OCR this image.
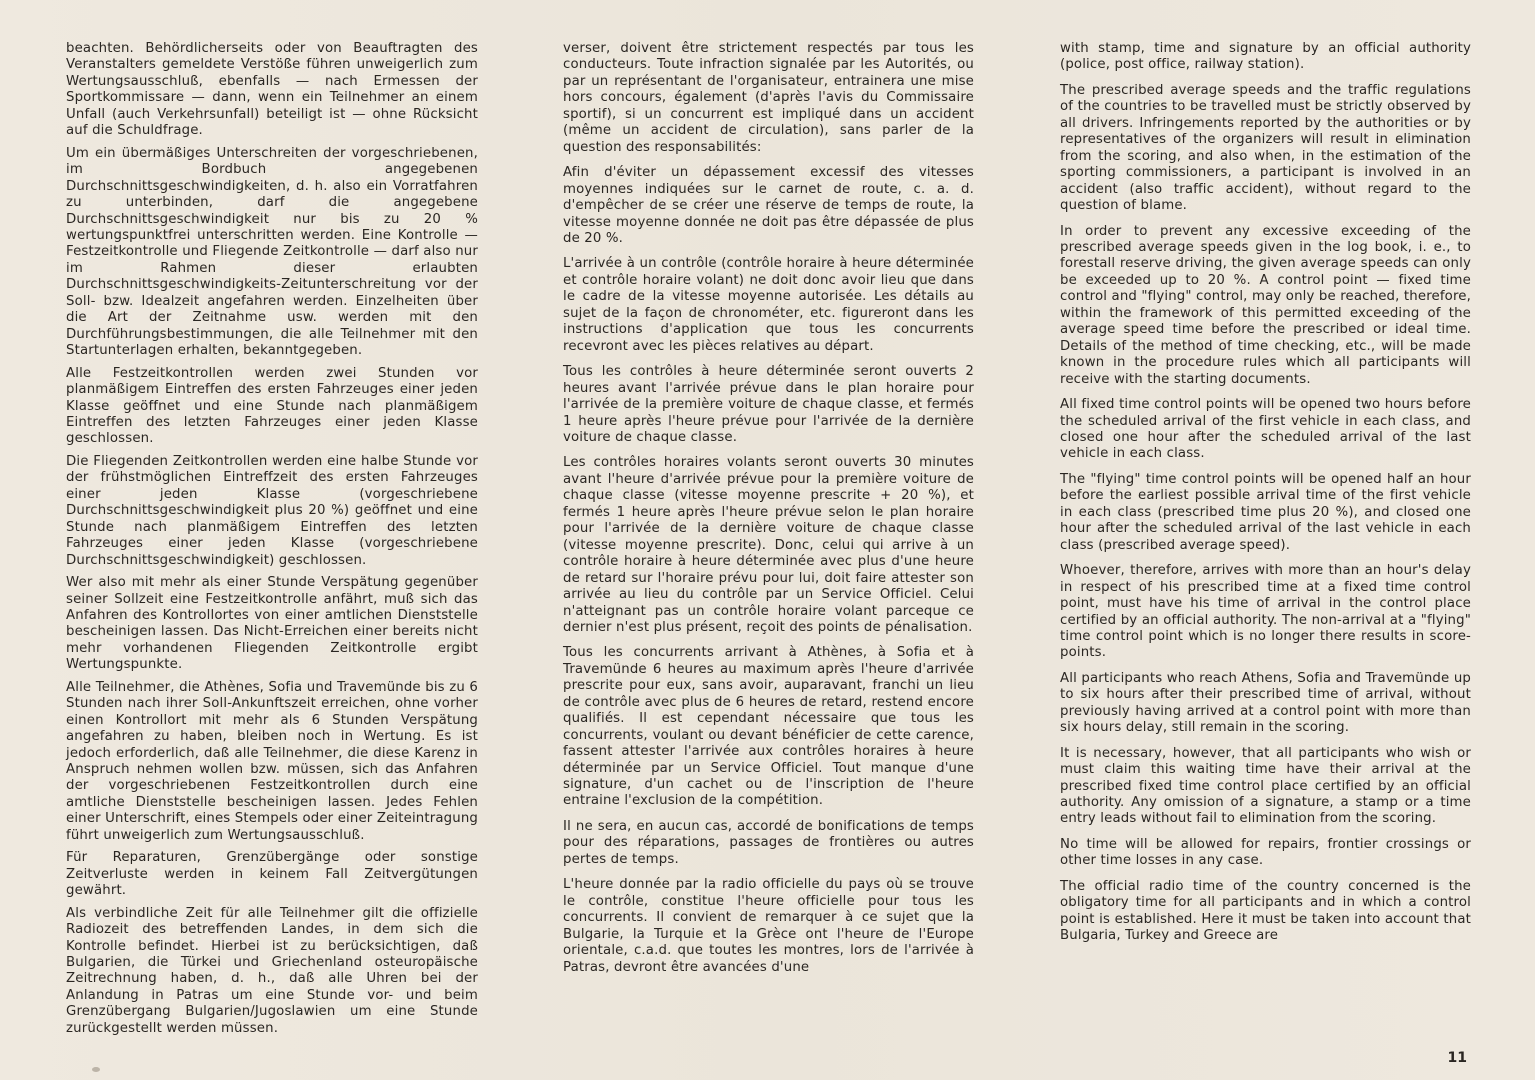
beachten. Behördlicherseits oder von Beauftragten des Veranstalters gemeldete Verstöße führen unweigerlich zum Wertungsausschluß, ebenfalls — nach Ermessen der Sportkommissare — dann, wenn ein Teilnehmer an einem Unfall (auch Verkehrsunfall) beteiligt ist — ohne Rücksicht auf die Schuldfrage.

Um ein übermäßiges Unterschreiten der vorgeschriebenen, im Bordbuch angegebenen Durchschnittsgeschwindigkeiten, d. h. also ein Vorratfahren zu unterbinden, darf die angegebene Durchschnittsgeschwindigkeit nur bis zu 20 % wertungspunktfrei unterschritten werden. Eine Kontrolle — Festzeitkontrolle und Fliegende Zeitkontrolle — darf also nur im Rahmen dieser erlaubten Durchschnittsgeschwindigkeits-Zeitunterschreitung vor der Soll- bzw. Idealzeit angefahren werden. Einzelheiten über die Art der Zeitnahme usw. werden mit den Durchführungsbestimmungen, die alle Teilnehmer mit den Startunterlagen erhalten, bekanntgegeben.

Alle Festzeitkontrollen werden zwei Stunden vor planmäßigem Eintreffen des ersten Fahrzeuges einer jeden Klasse geöffnet und eine Stunde nach planmäßigem Eintreffen des letzten Fahrzeuges einer jeden Klasse geschlossen.

Die Fliegenden Zeitkontrollen werden eine halbe Stunde vor der frühstmöglichen Eintreffzeit des ersten Fahrzeuges einer jeden Klasse (vorgeschriebene Durchschnittsgeschwindigkeit plus 20 %) geöffnet und eine Stunde nach planmäßigem Eintreffen des letzten Fahrzeuges einer jeden Klasse (vorgeschriebene Durchschnittsgeschwindigkeit) geschlossen.

Wer also mit mehr als einer Stunde Verspätung gegenüber seiner Sollzeit eine Festzeitkontrolle anfährt, muß sich das Anfahren des Kontrollortes von einer amtlichen Dienststelle bescheinigen lassen. Das Nicht-Erreichen einer bereits nicht mehr vorhandenen Fliegenden Zeitkontrolle ergibt Wertungspunkte.

Alle Teilnehmer, die Athènes, Sofia und Travemünde bis zu 6 Stunden nach ihrer Soll-Ankunftszeit erreichen, ohne vorher einen Kontrollort mit mehr als 6 Stunden Verspätung angefahren zu haben, bleiben noch in Wertung. Es ist jedoch erforderlich, daß alle Teilnehmer, die diese Karenz in Anspruch nehmen wollen bzw. müssen, sich das Anfahren der vorgeschriebenen Festzeitkontrollen durch eine amtliche Dienststelle bescheinigen lassen. Jedes Fehlen einer Unterschrift, eines Stempels oder einer Zeiteintragung führt unweigerlich zum Wertungsausschluß.

Für Reparaturen, Grenzübergänge oder sonstige Zeitverluste werden in keinem Fall Zeitvergütungen gewährt.

Als verbindliche Zeit für alle Teilnehmer gilt die offizielle Radiozeit des betreffenden Landes, in dem sich die Kontrolle befindet. Hierbei ist zu berücksichtigen, daß Bulgarien, die Türkei und Griechenland osteuropäische Zeitrechnung haben, d. h., daß alle Uhren bei der Anlandung in Patras um eine Stunde vor- und beim Grenzübergang Bulgarien/Jugoslawien um eine Stunde zurückgestellt werden müssen.

verser, doivent être strictement respectés par tous les conducteurs. Toute infraction signalée par les Autorités, ou par un représentant de l'organisateur, entrainera une mise hors concours, également (d'après l'avis du Commissaire sportif), si un concurrent est impliqué dans un accident (même un accident de circulation), sans parler de la question des responsabilités:

Afin d'éviter un dépassement excessif des vitesses moyennes indiquées sur le carnet de route, c. a. d. d'empêcher de se créer une réserve de temps de route, la vitesse moyenne donnée ne doit pas être dépassée de plus de 20 %.

L'arrivée à un contrôle (contrôle horaire à heure déterminée et contrôle horaire volant) ne doit donc avoir lieu que dans le cadre de la vitesse moyenne autorisée. Les détails au sujet de la façon de chronométer, etc. figureront dans les instructions d'application que tous les concurrents recevront avec les pièces relatives au départ.

Tous les contrôles à heure déterminée seront ouverts 2 heures avant l'arrivée prévue dans le plan horaire pour l'arrivée de la première voiture de chaque classe, et fermés 1 heure après l'heure prévue pour l'arrivée de la dernière voiture de chaque classe.

Les contrôles horaires volants seront ouverts 30 minutes avant l'heure d'arrivée prévue pour la première voiture de chaque classe (vitesse moyenne prescrite + 20 %), et fermés 1 heure après l'heure prévue selon le plan horaire pour l'arrivée de la dernière voiture de chaque classe (vitesse moyenne prescrite). Donc, celui qui arrive à un contrôle horaire à heure déterminée avec plus d'une heure de retard sur l'horaire prévu pour lui, doit faire attester son arrivée au lieu du contrôle par un Service Officiel. Celui n'atteignant pas un contrôle horaire volant parceque ce dernier n'est plus présent, reçoit des points de pénalisation.

Tous les concurrents arrivant à Athènes, à Sofia et à Travemünde 6 heures au maximum après l'heure d'arrivée prescrite pour eux, sans avoir, auparavant, franchi un lieu de contrôle avec plus de 6 heures de retard, restend encore qualifiés. Il est cependant nécessaire que tous les concurrents, voulant ou devant bénéficier de cette carence, fassent attester l'arrivée aux contrôles horaires à heure déterminée par un Service Officiel. Tout manque d'une signature, d'un cachet ou de l'inscription de l'heure entraine l'exclusion de la compétition.

Il ne sera, en aucun cas, accordé de bonifications de temps pour des réparations, passages de frontières ou autres pertes de temps.

L'heure donnée par la radio officielle du pays où se trouve le contrôle, constitue l'heure officielle pour tous les concurrents. Il convient de remarquer à ce sujet que la Bulgarie, la Turquie et la Grèce ont l'heure de l'Europe orientale, c.a.d. que toutes les montres, lors de l'arrivée à Patras, devront être avancées d'une

with stamp, time and signature by an official authority (police, post office, railway station).

The prescribed average speeds and the traffic regulations of the countries to be travelled must be strictly observed by all drivers. Infringements reported by the authorities or by representatives of the organizers will result in elimination from the scoring, and also when, in the estimation of the sporting commissioners, a participant is involved in an accident (also traffic accident), without regard to the question of blame.

In order to prevent any excessive exceeding of the prescribed average speeds given in the log book, i. e., to forestall reserve driving, the given average speeds can only be exceeded up to 20 %. A control point — fixed time control and "flying" control, may only be reached, therefore, within the framework of this permitted exceeding of the average speed time before the prescribed or ideal time. Details of the method of time checking, etc., will be made known in the procedure rules which all participants will receive with the starting documents.

All fixed time control points will be opened two hours before the scheduled arrival of the first vehicle in each class, and closed one hour after the scheduled arrival of the last vehicle in each class.

The "flying" time control points will be opened half an hour before the earliest possible arrival time of the first vehicle in each class (prescribed time plus 20 %), and closed one hour after the scheduled arrival of the last vehicle in each class (prescribed average speed).

Whoever, therefore, arrives with more than an hour's delay in respect of his prescribed time at a fixed time control point, must have his time of arrival in the control place certified by an official authority. The non-arrival at a "flying" time control point which is no longer there results in score-points.

All participants who reach Athens, Sofia and Travemünde up to six hours after their prescribed time of arrival, without previously having arrived at a control point with more than six hours delay, still remain in the scoring.

It is necessary, however, that all participants who wish or must claim this waiting time have their arrival at the prescribed fixed time control place certified by an official authority. Any omission of a signature, a stamp or a time entry leads without fail to elimination from the scoring.

No time will be allowed for repairs, frontier crossings or other time losses in any case.

The official radio time of the country concerned is the obligatory time for all participants and in which a control point is established. Here it must be taken into account that Bulgaria, Turkey and Greece are

11
